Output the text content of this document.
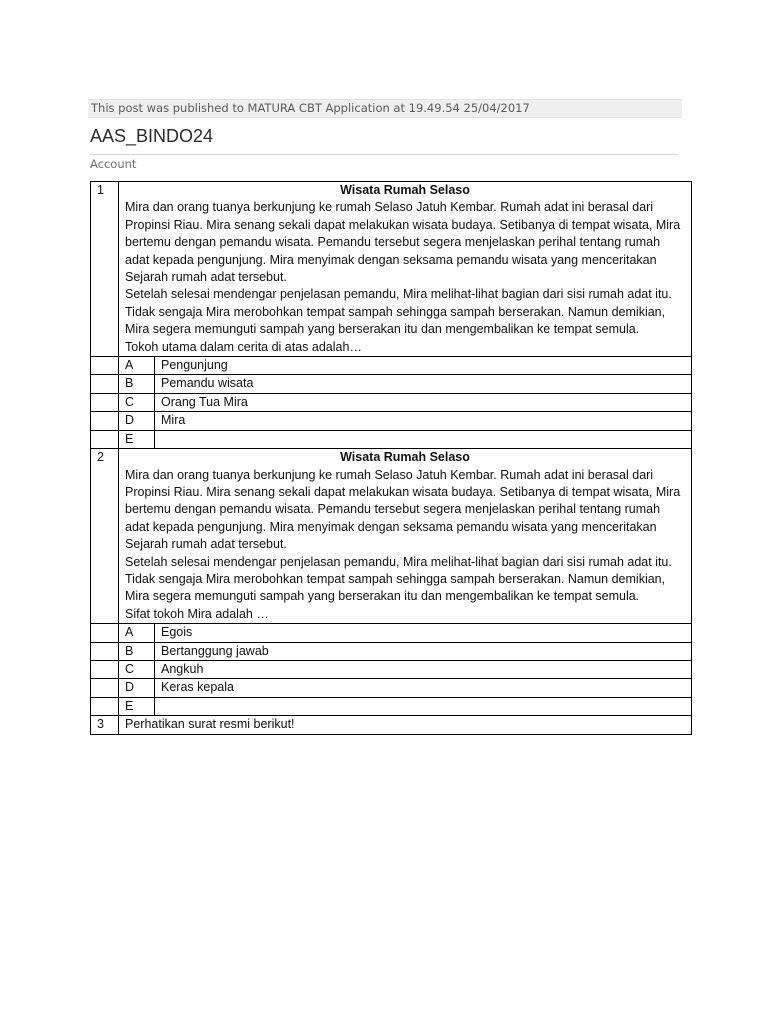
This post was published to MATURA CBT Application at 19.49.54 25/04/2017
AAS_BINDO24
Account
1	Wisata Rumah Selaso
Mira dan orang tuanya berkunjung ke rumah Selaso Jatuh Kembar. Rumah adat ini berasal dari Propinsi Riau. Mira senang sekali dapat melakukan wisata budaya. Setibanya di tempat wisata, Mira bertemu dengan pemandu wisata. Pemandu tersebut segera menjelaskan perihal tentang rumah adat kepada pengunjung. Mira menyimak dengan seksama pemandu wisata yang menceritakan Sejarah rumah adat tersebut.
Setelah selesai mendengar penjelasan pemandu, Mira melihat-lihat bagian dari sisi rumah adat itu. Tidak sengaja Mira merobohkan tempat sampah sehingga sampah berserakan. Namun demikian, Mira segera memunguti sampah yang berserakan itu dan mengembalikan ke tempat semula.
Tokoh utama dalam cerita di atas adalah…	

	A	Pengunjung
	B	Pemandu wisata
	C	Orang Tua Mira
	D	Mira
	E	
2	Wisata Rumah Selaso
Mira dan orang tuanya berkunjung ke rumah Selaso Jatuh Kembar. Rumah adat ini berasal dari Propinsi Riau. Mira senang sekali dapat melakukan wisata budaya. Setibanya di tempat wisata, Mira bertemu dengan pemandu wisata. Pemandu tersebut segera menjelaskan perihal tentang rumah adat kepada pengunjung. Mira menyimak dengan seksama pemandu wisata yang menceritakan Sejarah rumah adat tersebut.
Setelah selesai mendengar penjelasan pemandu, Mira melihat-lihat bagian dari sisi rumah adat itu. Tidak sengaja Mira merobohkan tempat sampah sehingga sampah berserakan. Namun demikian, Mira segera memunguti sampah yang berserakan itu dan mengembalikan ke tempat semula.
Sifat tokoh Mira adalah …	

	A	Egois
	B	Bertanggung jawab
	C	Angkuh
	D	Keras kepala
	E	
3	Perhatikan surat resmi berikut!	
